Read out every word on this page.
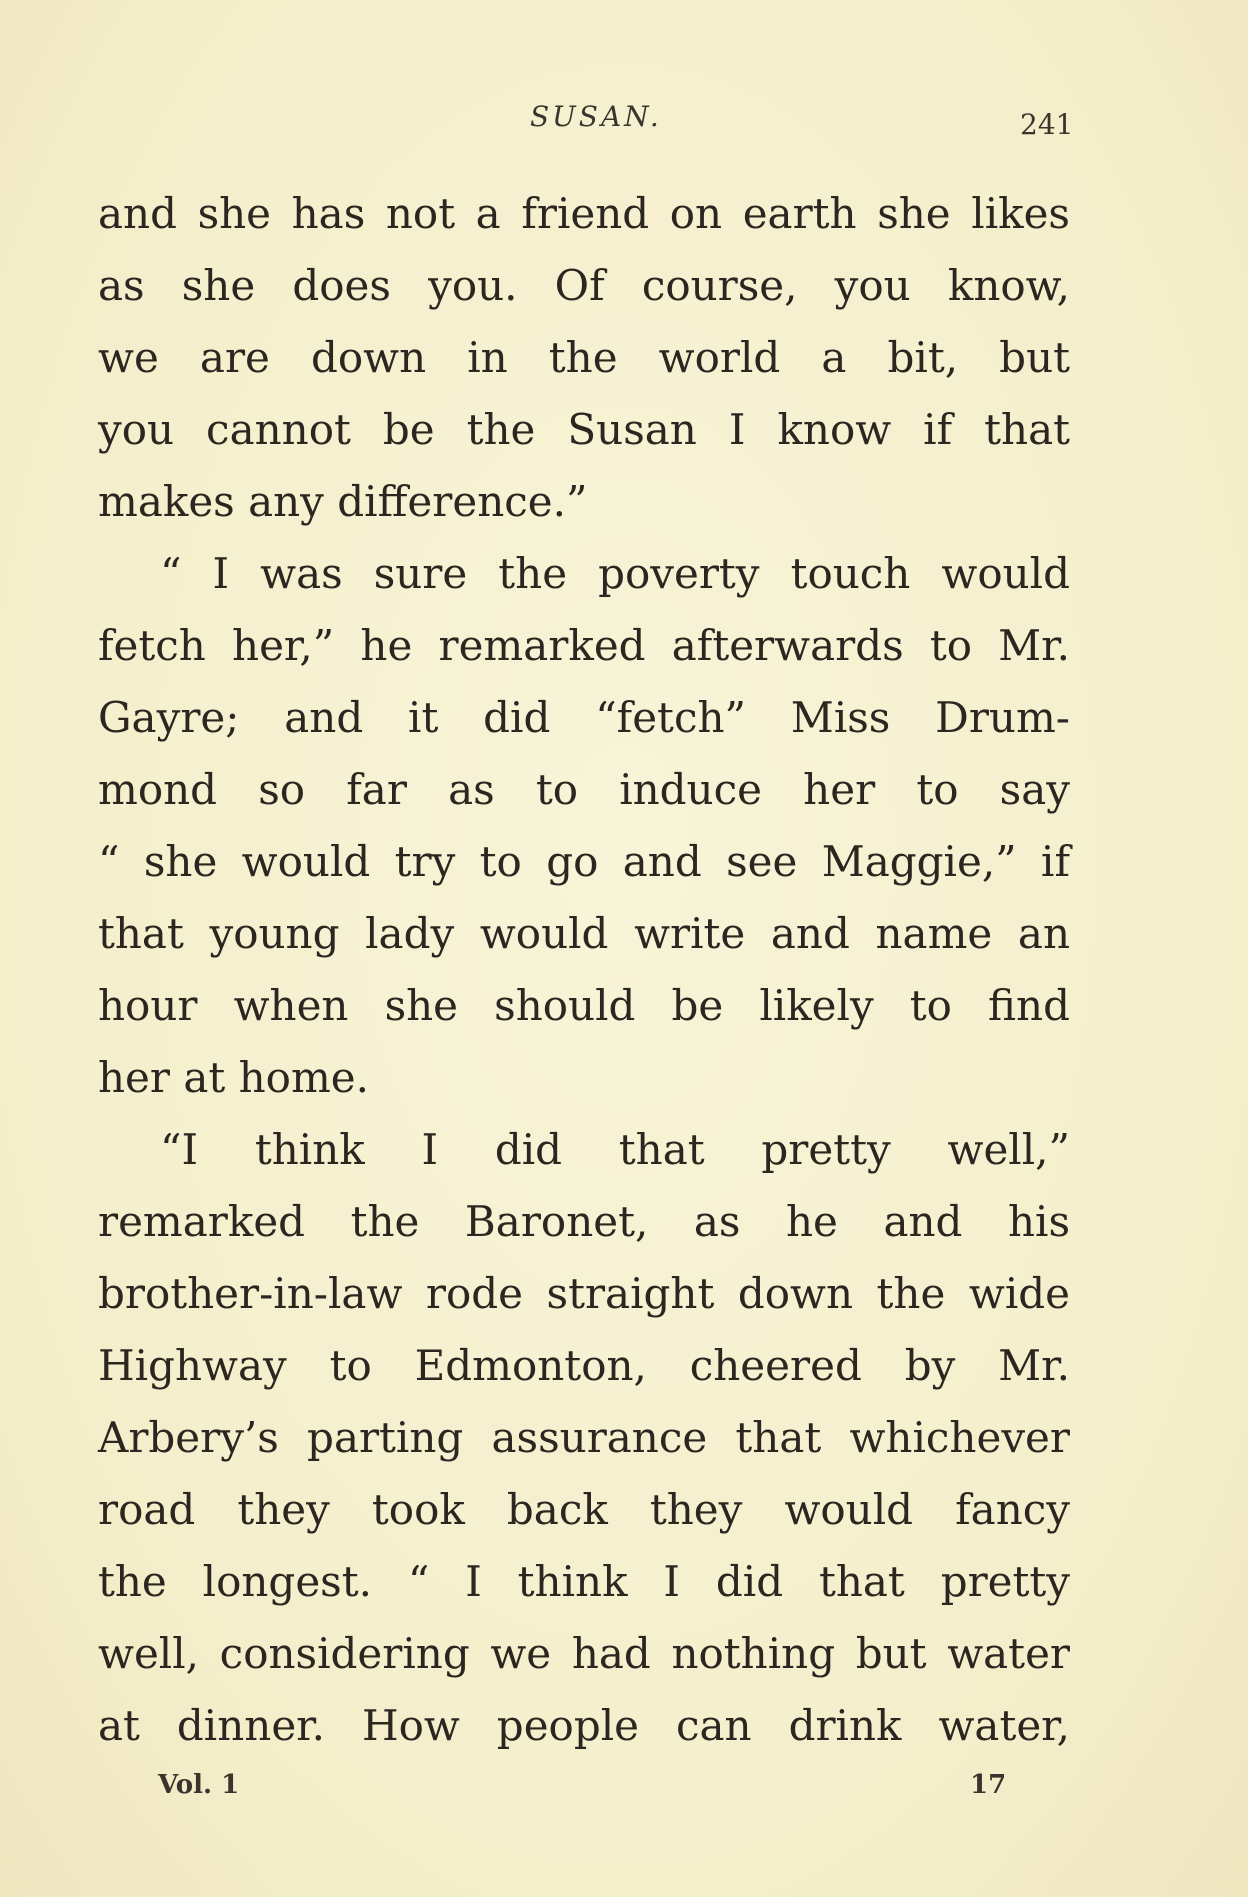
SUSAN.	241
and she has not a friend on earth she likes
as she does you. Of course, you know,
we are down in the world a bit, but
you cannot be the Susan I know if that
makes any difference.”
“ I was sure the poverty touch would
fetch her,” he remarked afterwards to Mr.
Gayre; and it did “fetch” Miss Drum-
mond so far as to induce her to say
“ she would try to go and see Maggie,” if
that young lady would write and name an
hour when she should be likely to find
her at home.
“I think I did that pretty well,”
remarked the Baronet, as he and his
brother-in-law rode straight down the wide
Highway to Edmonton, cheered by Mr.
Arbery’s parting assurance that whichever
road they took back they would fancy
the longest. “ I think I did that pretty
well, considering we had nothing but water
at dinner. How people can drink water,
Vol. 1	17
